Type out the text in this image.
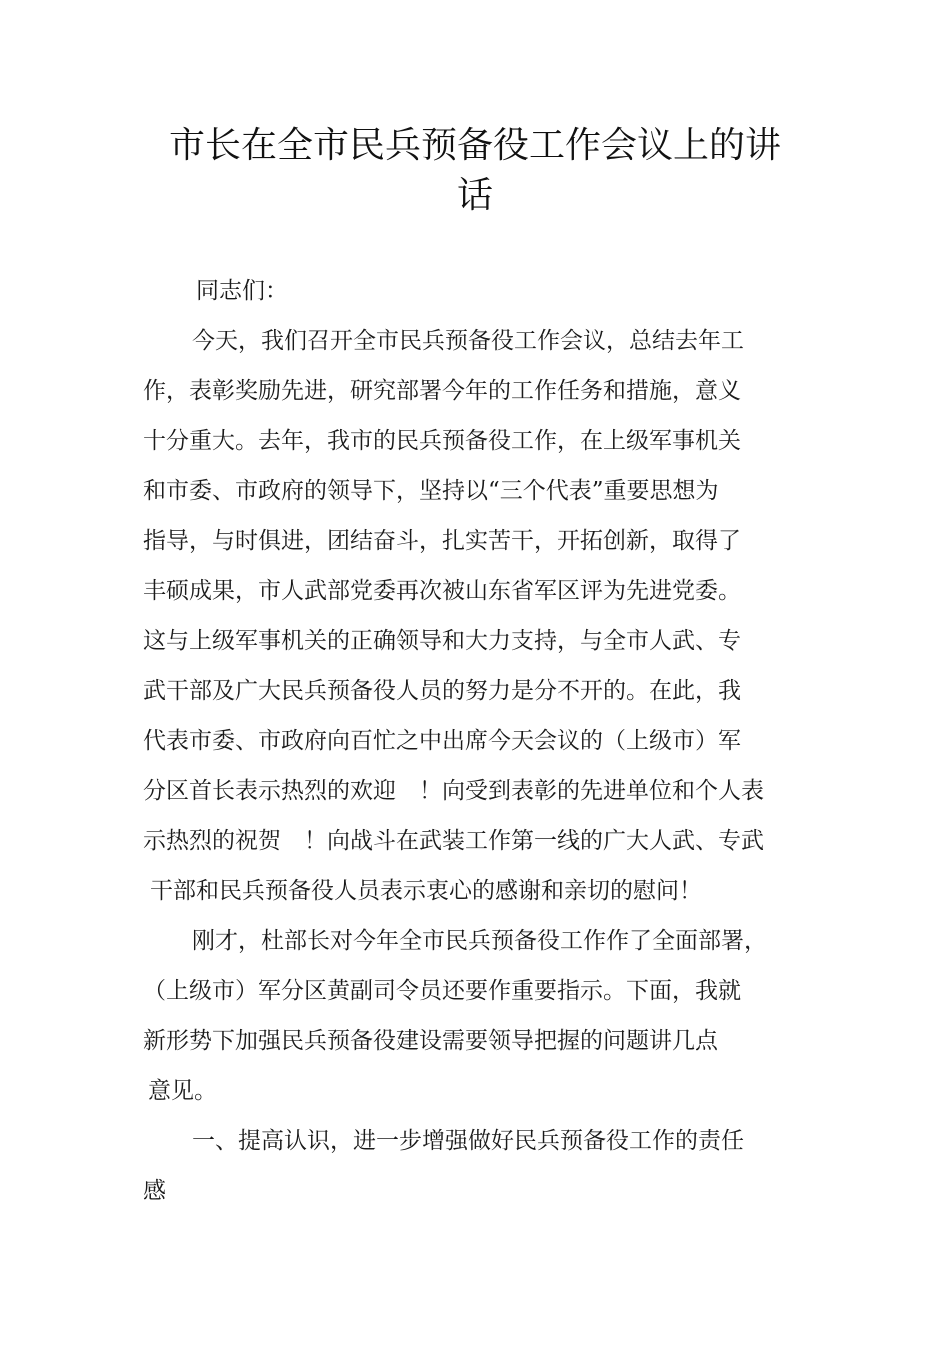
市长在全市民兵预备役工作会议上的讲
话
同志们：
今天，我们召开全市民兵预备役工作会议，总结去年工
作，表彰奖励先进，研究部署今年的工作任务和措施，意义
十分重大。去年，我市的民兵预备役工作，在上级军事机关
和市委、市政府的领导下，坚持以“三个代表”重要思想为
指导，与时俱进，团结奋斗，扎实苦干，开拓创新，取得了
丰硕成果，市人武部党委再次被山东省军区评为先进党委。
这与上级军事机关的正确领导和大力支持，与全市人武、专
武干部及广大民兵预备役人员的努力是分不开的。在此，我
代表市委、市政府向百忙之中出席今天会议的（上级市）军
分区首长表示热烈的欢迎　！向受到表彰的先进单位和个人表
示热烈的祝贺　！向战斗在武装工作第一线的广大人武、专武
干部和民兵预备役人员表示衷心的感谢和亲切的慰问！
刚才，杜部长对今年全市民兵预备役工作作了全面部署，
（上级市）军分区黄副司令员还要作重要指示。下面，我就
新形势下加强民兵预备役建设需要领导把握的问题讲几点
意见。
一、提高认识，进一步增强做好民兵预备役工作的责任
感
